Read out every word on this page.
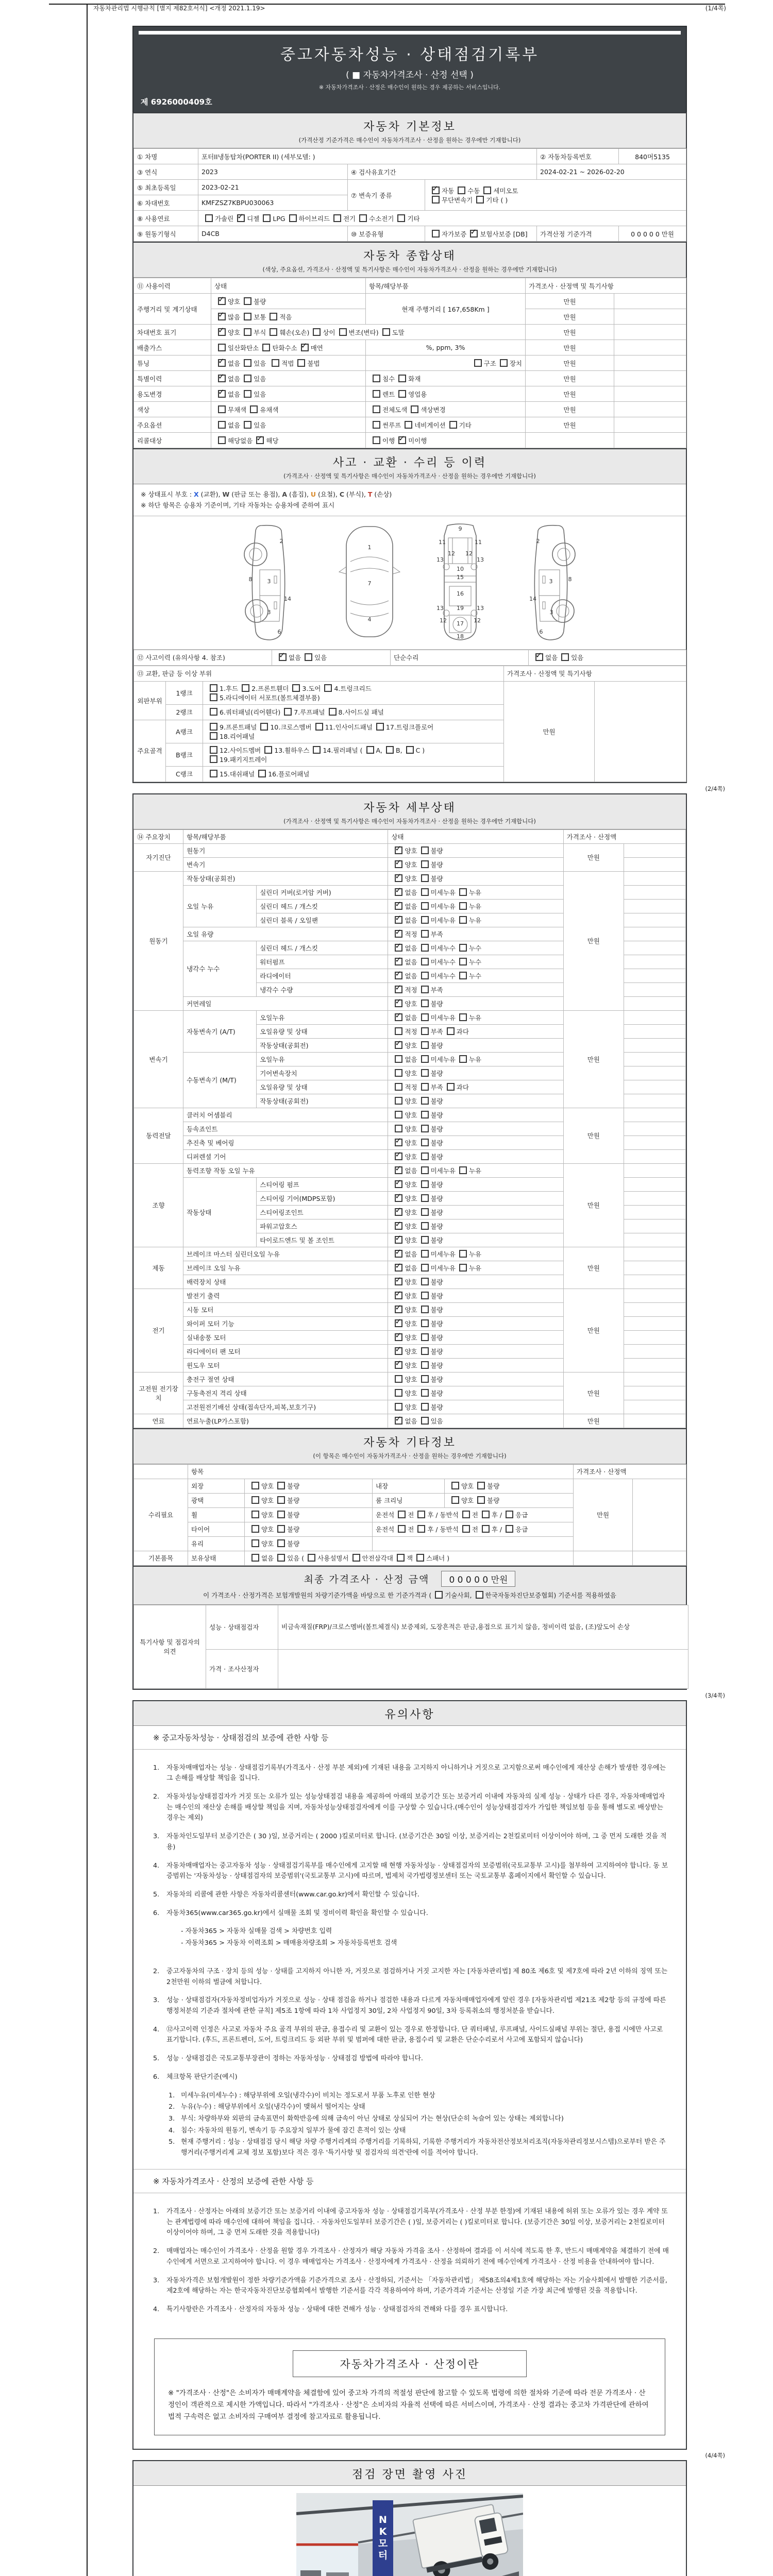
자동차관리법 시행규칙 [별지 제82호서식] <개정 2021.1.19>	(1/4쪽)
중고자동차성능 · 상태점검기록부
( ■ 자동차가격조사 · 산정 선택 )
※ 자동차가격조사 · 산정은 매수인이 원하는 경우 제공하는 서비스입니다.
제 6926000409호
자동차 기본정보
(가격산정 기준가격은 매수인이 자동차가격조사 · 산정을 원하는 경우에만 기재합니다)
① 차명	포터II냉동탑차(PORTER II) (세부모델: )			② 자동차등록번호	840머5135
③ 연식	2023	④ 검사유효기간		2024-02-21 ~ 2026-02-20	
⑤ 최초등록일	2023-02-21	⑦ 변속기 종류	✓자동 수동 세미오토
무단변속기 기타 ( )
⑥ 차대번호	KMFZSZ7KBPU030063				
⑧ 사용연료	가솔린 ✓ 디젤 LPG 하이브리드 전기 수소전기 기타
⑨ 원동기형식	D4CB	⑩ 보증유형	자가보증 ✓ 보험사보증 [DB]	가격산정 기준가격	0 0 0 0 0 만원
자동차 종합상태
(색상, 주요옵션, 가격조사 · 산정액 및 특기사항은 매수인이 자동차가격조사 · 산정을 원하는 경우에만 기재합니다)
⑪ 사용이력	상태	항목/해당부품	가격조사 · 산정액 및 특기사항	
주행거리 및 계기상태	✓양호 불량	현재 주행거리 [ 167,658Km ]	만원	
✓많음 보통 적음		만원	
차대번호 표기	✓양호 부식 훼손(오손) 상이 변조(변타) 도말		만원	
배출가스	일산화탄소 탄화수소 ✓ 매연	%, ppm, 3%	만원	
튜닝	✓없음 있음 적법 불법	구조 장치	만원	
특별이력	✓없음 있음	침수 화재	만원	
용도변경	✓없음 있음	렌트 영업용	만원	
색상	무채색 유채색	전체도색 색상변경	만원	
주요옵션	없음 있음	썬루프 네비게이션 기타	만원	
리콜대상	해당없음 ✓ 해당	이행 ✓ 미이행		
사고 · 교환 · 수리 등 이력
(가격조사 · 산정액 및 특기사항은 매수인이 자동차가격조사 · 산정을 원하는 경우에만 기재합니다)
※ 상태표시 부호 : X (교환), W (판금 또는 용접), A (흠집), U (요철), C (부식), T (손상)
※ 하단 항목은 승용차 기준이며, 기타 자동차는 승용차에 준하여 표시
2
8	3
14
3
6
1
7
4
9
11	11
12 12
13	13
10
15
16
19
13	13
12	12
17
18
2
3	8
14
3
6
⑫ 사고이력 (유의사항 4. 참조)	✓없음 있음	단순수리	✓없음 있음
⑬ 교환, 판금 등 이상 부위			가격조사 · 산정액 및 특기사항	
외판부위	1랭크	1.후드 2.프론트휀더 3.도어 4.트렁크리드
5.라디에이터 서포트(볼트체결부품)	만원	
	2랭크	6.쿼터패널(리어휀다) 7.루프패널 8.사이드실 패널		
주요골격	A랭크	9.프론트패널 10.크로스멤버 11.인사이드패널 17.트렁크플로어
18.리어패널		
	B랭크	12.사이드멤버 13.휠하우스 14.필러패널 ( A, B, C )
19.패키지트레이		
	C랭크	15.대쉬패널 16.플로어패널		
(2/4쪽)
자동차 세부상태
(가격조사 · 산정액 및 특기사항은 매수인이 자동차가격조사 · 산정을 원하는 경우에만 기재합니다)
⑭ 주요장치	항목/해당부품		상태	가격조사 · 산정액	
자기진단	원동기	✓양호 불량	만원	
	변속기	✓양호 불량	
원동기	작동상태(공회전)	✓양호 불량	만원	
	오일 누유	실린더 커버(로커암 커버)	✓없음 미세누유 누유	
		실린더 헤드 / 개스킷	✓없음 미세누유 누유	
		실린더 블록 / 오일팬	✓없음 미세누유 누유	
	오일 유량	✓적정 부족	
	냉각수 누수	실린더 헤드 / 개스킷	✓없음 미세누수 누수	
		워터펌프	✓없음 미세누수 누수	
		라디에이터	✓없음 미세누수 누수	
		냉각수 수량	✓적정 부족	
	커먼레일	✓양호 불량	
변속기	자동변속기 (A/T)	오일누유	✓없음 미세누유 누유	만원	
		오일유량 및 상태	적정 부족 과다		
		작동상태(공회전)	✓양호 불량	
	수동변속기 (M/T)	오일누유	없음 미세누유 누유		
		기어변속장치	양호 불량		
		오일유량 및 상태	적정 부족 과다		
		작동상태(공회전)	양호 불량		
동력전달	클러치 어셈블리		양호 불량	만원	
	등속죠인트		양호 불량		
	추진축 및 베어링	✓양호 불량	
	디퍼렌셜 기어	✓양호 불량	
조향	동력조향 작동 오일 누유	✓없음 미세누유 누유	만원	
	작동상태	스티어링 펌프	✓양호 불량	
		스티어링 기어(MDPS포함)	✓양호 불량	
		스티어링조인트	✓양호 불량	
		파워고압호스	✓양호 불량	
		타이로드엔드 및 볼 조인트	✓양호 불량	
제동	브레이크 마스터 실린더오일 누유	✓없음 미세누유 누유	만원	
	브레이크 오일 누유	✓없음 미세누유 누유	
	배력장치 상태	✓양호 불량	
전기	발전기 출력	✓양호 불량	만원	
	시동 모터	✓양호 불량	
	와이퍼 모터 기능	✓양호 불량	
	실내송풍 모터	✓양호 불량	
	라디에이터 팬 모터	✓양호 불량	
	윈도우 모터	✓양호 불량	
고전원 전기장치	충전구 절연 상태		양호 불량	만원	
	구동축전지 격리 상태		양호 불량		
	고전원전기배선 상태(접속단자,피복,보호기구)		양호 불량		
연료	연료누출(LP가스포함)	✓없음 있음	만원	
자동차 기타정보
(이 항목은 매수인이 자동차가격조사 · 산정을 원하는 경우에만 기재합니다)
	항목				가격조사 · 산정액	
수리필요	외장	양호 불량	내장	양호 불량	만원	
	광택	양호 불량	룸 크리닝	양호 불량		
	휠	양호 불량	운전석 전 후 / 동반석 전 후 / 응급			
	타이어	양호 불량	운전석 전 후 / 동반석 전 후 / 응급			
	유리	양호 불량				
기본품목	보유상태	없음 있음 ( 사용설명서 안전삼각대 잭 스패너 )				
최종 가격조사 · 산정 금액 0 0 0 0 0 만원
이 가격조사 · 산정가격은 보험개발원의 차량기준가액을 바탕으로 한 기준가격과 ( 기술사회, 한국자동차진단보증협회) 기준서를 적용하였음
특기사항 및 점검자의 의견	성능 · 상태점검자	비금속재질(FRP)/크로스멤버(볼트체결식) 보증제외, 도장흔적은 판금,용접으로 표기치 않음, 정비이력 없음, (조)앞도어 손상
	가격 · 조사산정자	
(3/4쪽)
유의사항
※ 중고자동차성능 · 상태점검의 보증에 관한 사항 등
1.	자동차매매업자는 성능 · 상태점검기록부(가격조사 · 산정 부분 제외)에 기재된 내용을 고지하지 아니하거나 거짓으로 고지함으로써 매수인에게 재산상 손해가 발생한 경우에는 그 손해를 배상할 책임을 집니다.
2.	자동차성능상태점검자가 거짓 또는 오류가 있는 성능상태점검 내용을 제공하여 아래의 보증기간 또는 보증거리 이내에 자동차의 실제 성능 · 상태가 다른 경우, 자동차매매업자는 매수인의 재산상 손해를 배상할 책임을 지며, 자동차성능상태점검자에게 이를 구상할 수 있습니다.(매수인이 성능상태점검자가 가입한 책임보험 등을 통해 별도로 배상받는 경우는 제외)
3.	자동차인도일부터 보증기간은 ( 30 )일, 보증거리는 ( 2000 )킬로미터로 합니다. (보증기간은 30일 이상, 보증거리는 2천킬로미터 이상이어야 하며, 그 중 먼저 도래한 것을 적용)
4.	자동차매매업자는 중고자동차 성능 · 상태점검기록부를 매수인에게 고지할 때 현행 자동차성능 · 상태점검자의 보증범위(국토교통부 고시)를 첨부하여 고지하여야 합니다. 동 보증범위는 '자동차성능 · 상태점검자의 보증범위'(국토교통부 고시)에 따르며, 법제처 국가법령정보센터 또는 국토교통부 홈페이지에서 확인할 수 있습니다.
5.	자동차의 리콜에 관한 사항은 자동차리콜센터(www.car.go.kr)에서 확인할 수 있습니다.
6.	자동차365(www.car365.go.kr)에서 실매물 조회 및 정비이력 확인을 확인할 수 있습니다.
- 자동차365 > 자동차 실매물 검색 > 차량번호 입력
- 자동차365 > 자동차 이력조회 > 매매용차량조회 > 자동차등록번호 검색
2.	중고자동차의 구조 · 장치 등의 성능 · 상태를 고지하지 아니한 자, 거짓으로 점검하거나 거짓 고지한 자는 [자동차관리법] 제 80조 제6호 및 제7호에 따라 2년 이하의 징역 또는 2천만원 이하의 벌금에 처합니다.
3.	성능 · 상태점검자(자동차정비업자)가 거짓으로 성능 · 상태 점검을 하거나 점검한 내용과 다르게 자동차매매업자에게 알린 경우 [자동차관리법 제21조 제2항 등의 규정에 따른 행정처분의 기준과 절차에 관한 규칙] 제5조 1항에 따라 1차 사업정지 30일, 2차 사업정지 90일, 3차 등록취소의 행정처분을 받습니다.
4.	⑫사고이력 인정은 사고로 자동차 주요 골격 부위의 판금, 용접수리 및 교환이 있는 경우로 한정합니다. 단 쿼터패널, 루프패널, 사이드실패널 부위는 절단, 용접 시에만 사고로 표기합니다. (후드, 프론트펜더, 도어, 트렁크리드 등 외판 부위 및 범퍼에 대한 판금, 용접수리 및 교환은 단순수리로서 사고에 포함되지 않습니다)
5.	성능 · 상태점검은 국토교통부장관이 정하는 자동차성능 · 상태점검 방법에 따라야 합니다.
6.	체크항목 판단기준(예시)
1. 미세누유(미세누수) : 해당부위에 오일(냉각수)이 비치는 정도로서 부품 노후로 인한 현상
2. 누유(누수) : 해당부위에서 오일(냉각수)이 맺혀서 떨어지는 상태
3. 부식: 차량하부와 외판의 금속표면이 화학반응에 의해 금속이 아닌 상태로 상실되어 가는 현상(단순히 녹슬어 있는 상태는 제외합니다)
4. 침수: 자동차의 원동기, 변속기 등 주요장치 일부가 물에 잠긴 흔적이 있는 상태
5. 현재 주행거리 : 성능 · 상태점검 당시 해당 차량 주행거리계의 주행거리를 기록하되, 기록한 주행거리가 자동차전산정보처리조직(자동차관리정보시스템)으로부터 받은 주행거리(주행거리계 교체 정보 포함)보다 적은 경우 '특기사항 및 점검자의 의견'란에 이를 적어야 합니다.
※ 자동차가격조사 · 산정의 보증에 관한 사항 등
1.	가격조사 · 산정자는 아래의 보증기간 또는 보증거리 이내에 중고자동차 성능 · 상태점검기록부(가격조사 · 산정 부분 한정)에 기재된 내용에 허위 또는 오류가 있는 경우 계약 또는 관계법령에 따라 매수인에 대하여 책임을 집니다. · 자동차인도일부터 보증기간은 ( )일, 보증거리는 ( )킬로미터로 합니다. (보증기간은 30일 이상, 보증거리는 2천킬로미터 이상이어야 하며, 그 중 먼저 도래한 것을 적용합니다)
2.	매매업자는 매수인이 가격조사 · 산정을 원할 경우 가격조사 · 산정자가 해당 자동차 가격을 조사 · 산정하여 결과를 이 서식에 적도록 한 후, 반드시 매매계약을 체결하기 전에 매수인에게 서면으로 고지하여야 합니다. 이 경우 매매업자는 가격조사 · 산정자에게 가격조사 · 산정을 의뢰하기 전에 매수인에게 가격조사 · 산정 비용을 안내하여야 합니다.
3.	자동차가격은 보험개발원이 정한 차량기준가액을 기준가격으로 조사 · 산정하되, 기준서는 「자동차관리법」 제58조의4제1호에 해당하는 자는 기술사회에서 발행한 기준서를, 제2호에 해당하는 자는 한국자동차진단보증협회에서 발행한 기준서를 각각 적용하여야 하며, 기준가격과 기준서는 산정일 기준 가장 최근에 발행된 것을 적용합니다.
4.	특기사항란은 가격조사 · 산정자의 자동차 성능 · 상태에 대한 견해가 성능 · 상태점검자의 견해와 다를 경우 표시합니다.
자동차가격조사 · 산정이란
※ "가격조사 · 산정"은 소비자가 매매계약을 체결함에 있어 중고차 가격의 적절성 판단에 참고할 수 있도록 법령에 의한 절차와 기준에 따라 전문 가격조사 · 산정인이 객관적으로 제시한 가액입니다. 따라서 "가격조사 · 산정"은 소비자의 자율적 선택에 따른 서비스이며, 가격조사 · 산정 결과는 중고차 가격판단에 관하여 법적 구속력은 없고 소비자의 구매여부 결정에 참고자료로 활용됩니다.
(4/4쪽)
점검 장면 촬영 사진
N K 모 터
